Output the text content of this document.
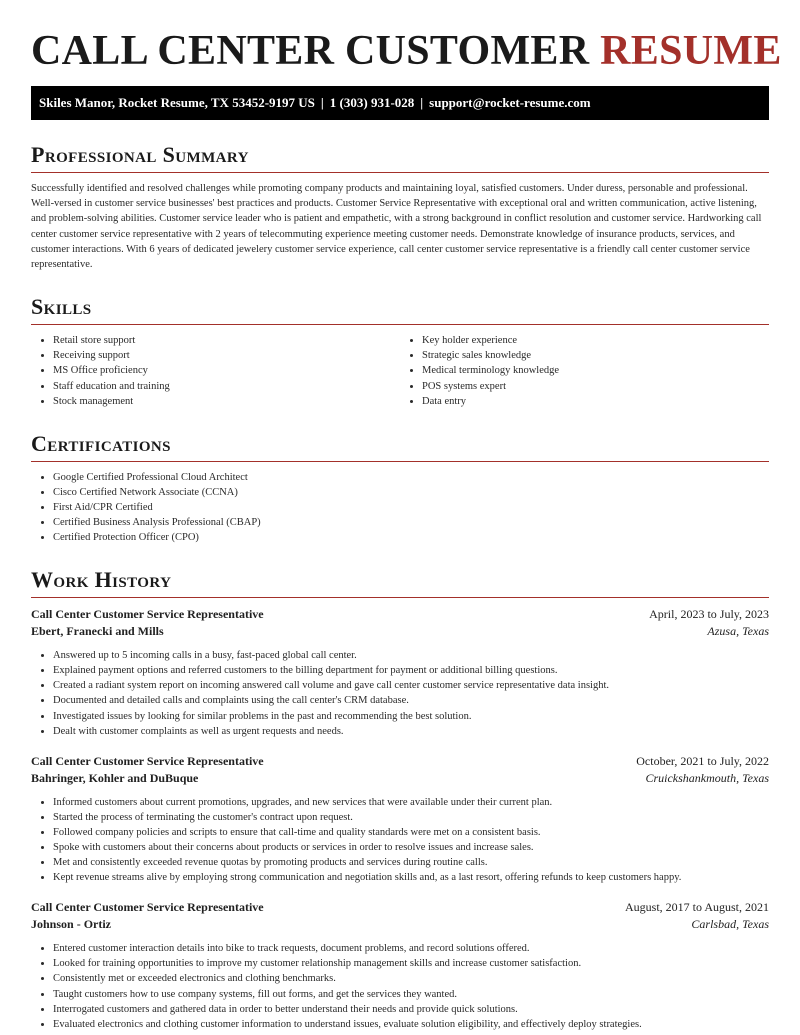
CALL CENTER CUSTOMER RESUME
Skiles Manor, Rocket Resume, TX 53452-9197 US | 1 (303) 931-028 | support@rocket-resume.com
Professional Summary

Successfully identified and resolved challenges while promoting company products and maintaining loyal, satisfied customers. Under duress, personable and professional. Well-versed in customer service businesses' best practices and products. Customer Service Representative with exceptional oral and written communication, active listening, and problem-solving abilities. Customer service leader who is patient and empathetic, with a strong background in conflict resolution and customer service. Hardworking call center customer service representative with 2 years of telecommuting experience meeting customer needs. Demonstrate knowledge of insurance products, services, and customer interactions. With 6 years of dedicated jewelery customer service experience, call center customer service representative is a friendly call center customer service representative.

Skills
• Retail store support
• Receiving support
• MS Office proficiency
• Staff education and training
• Stock management
• Key holder experience
• Strategic sales knowledge
• Medical terminology knowledge
• POS systems expert
• Data entry
Certifications
• Google Certified Professional Cloud Architect
• Cisco Certified Network Associate (CCNA)
• First Aid/CPR Certified
• Certified Business Analysis Professional (CBAP)
• Certified Protection Officer (CPO)
Work History
Call Center Customer Service Representative	April, 2023 to July, 2023
Ebert, Franecki and Mills	Azusa, Texas
• Answered up to 5 incoming calls in a busy, fast-paced global call center.
• Explained payment options and referred customers to the billing department for payment or additional billing questions.
• Created a radiant system report on incoming answered call volume and gave call center customer service representative data insight.
• Documented and detailed calls and complaints using the call center's CRM database.
• Investigated issues by looking for similar problems in the past and recommending the best solution.
• Dealt with customer complaints as well as urgent requests and needs.
Call Center Customer Service Representative	October, 2021 to July, 2022
Bahringer, Kohler and DuBuque	Cruickshankmouth, Texas
• Informed customers about current promotions, upgrades, and new services that were available under their current plan.
• Started the process of terminating the customer's contract upon request.
• Followed company policies and scripts to ensure that call-time and quality standards were met on a consistent basis.
• Spoke with customers about their concerns about products or services in order to resolve issues and increase sales.
• Met and consistently exceeded revenue quotas by promoting products and services during routine calls.
• Kept revenue streams alive by employing strong communication and negotiation skills and, as a last resort, offering refunds to keep customers happy.
Call Center Customer Service Representative	August, 2017 to August, 2021
Johnson - Ortiz	Carlsbad, Texas
• Entered customer interaction details into bike to track requests, document problems, and record solutions offered.
• Looked for training opportunities to improve my customer relationship management skills and increase customer satisfaction.
• Consistently met or exceeded electronics and clothing benchmarks.
• Taught customers how to use company systems, fill out forms, and get the services they wanted.
• Interrogated customers and gathered data in order to better understand their needs and provide quick solutions.
• Evaluated electronics and clothing customer information to understand issues, evaluate solution eligibility, and effectively deploy strategies.
